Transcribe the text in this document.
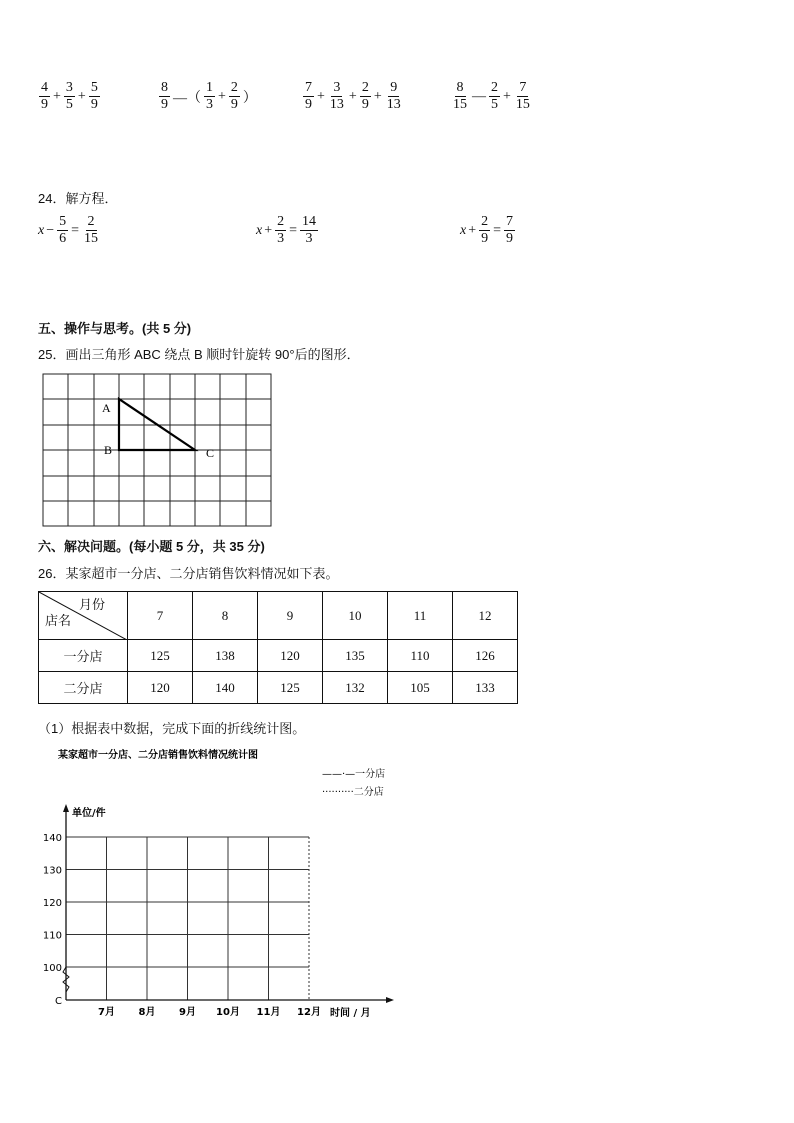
$\frac{4}{9} + \frac{3}{5} + \frac{5}{9}$	$\frac{8}{9}$ —（ $\frac{1}{3} + \frac{2}{9}$ ）	$\frac{7}{9} + \frac{3}{13} + \frac{2}{9} + \frac{9}{13}$	$\frac{8}{15}$ — $\frac{2}{5} + \frac{7}{15}$
24．解方程．
$x - \frac{5}{6} = \frac{2}{15}$	$x + \frac{2}{3} = \frac{14}{3}$	$x + \frac{2}{9} = \frac{7}{9}$
五、操作与思考。(共 5 分)
25．画出三角形 ABC 绕点 B 顺时针旋转 90°后的图形．
A
B	C
六、解决问题。(每小题 5 分，共 35 分)
26．某家超市一分店、二分店销售饮料情况如下表。
月份
店名	7	8	9	10	11	12
一分店	125	138	120	135	110	126
二分店	120	140	125	132	105	133
（1）根据表中数据，完成下面的折线统计图。
某家超市一分店、二分店销售饮料情况统计图
——·—一分店
··········二分店
单位/件
140
130
120
110
100
C
7月 8月 9月 10月 11月 12月 时间 / 月
